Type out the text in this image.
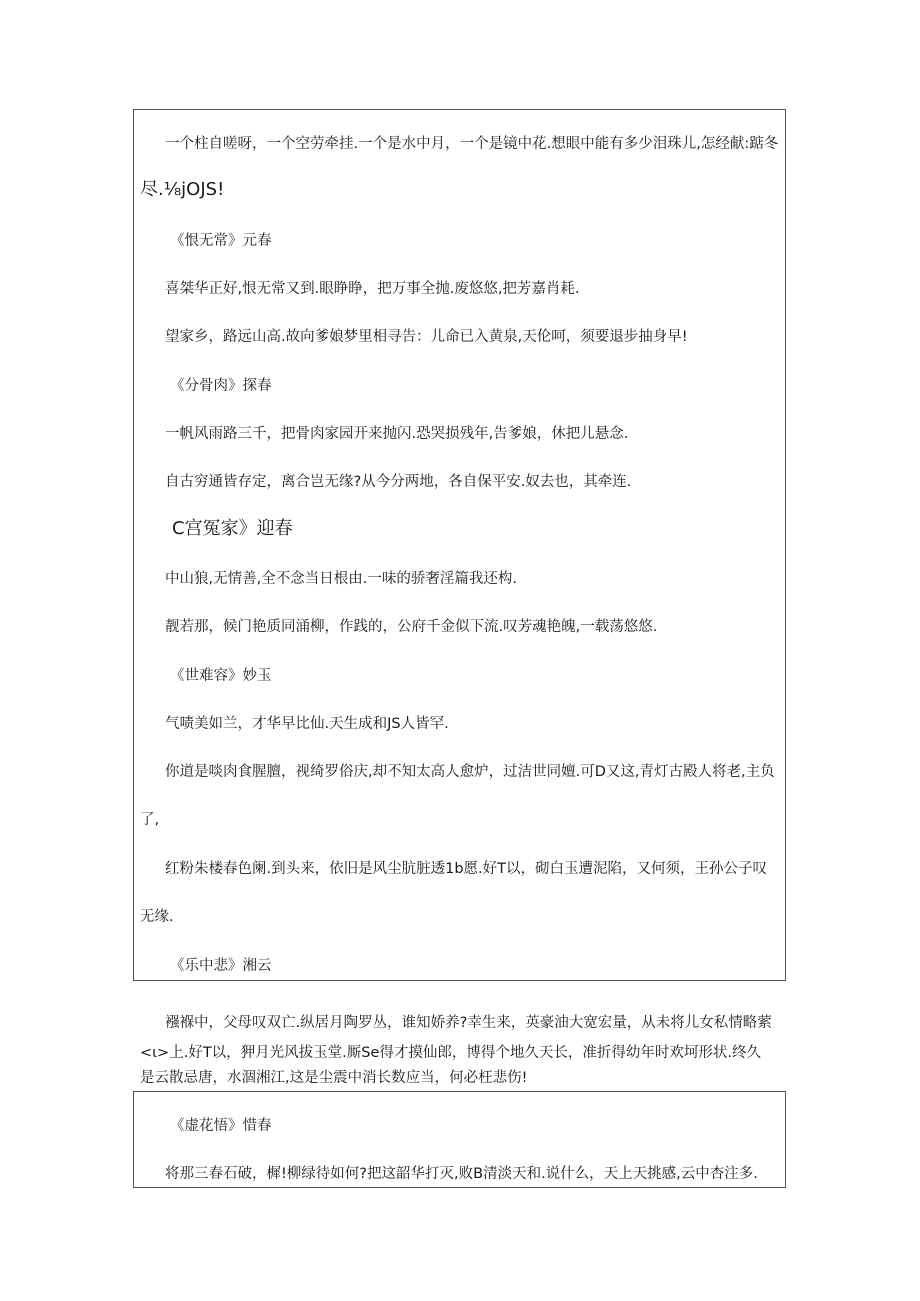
一个柱自嗟呀，一个空劳牵挂.一个是水中月，一个是镜中花.想眼中能有多少泪珠儿,怎经献:踮冬
尽.⅛jOJS!
《恨无常》元春
喜桀华正好,恨无常又到.眼睁睁，把万事全抛.废悠悠,把芳嘉肖耗.
望家乡，路远山高.故向爹娘梦里相寻告：儿命已入黄泉,天伦呵，须要退步抽身早!
《分骨肉》探春
一帆风雨路三千，把骨肉家园开来抛闪.恐哭损残年,告爹娘，休把儿悬念.
自古穷通皆存定，离合岂无缘?从今分两地，各自保平安.奴去也，其牵连.
C宫冤家》迎春
中山狼,无情善,全不念当日根由.一味的骄奢淫篇我还构.
靓若那，候门艳质同涌柳，作践的，公府千金似下流.叹芳魂艳魄,一载荡悠悠.
《世难容》妙玉
气啧美如兰，才华早比仙.天生成和JS人皆罕.
你道是啖肉食腥膻，视绮罗俗庆,却不知太高人愈炉，过洁世同嬗.可D又这,青灯古殿人将老,主负
了,
红粉朱楼春色阑.到头来，依旧是风尘肮脏透1b愿.好T以，砌白玉遭泥陷，又何须，王孙公子叹
无缘.
《乐中悲》湘云
襁褓中，父母叹双亡.纵居月陶罗丛，谁知娇养?幸生来，英豪油大宽宏量，从未将儿女私情略萦
<ι>上.好T以，狎月光风拔玉堂.厮Se得才摸仙郎，博得个地久天长，准折得幼年时欢坷形状.终久
是云散忌唐，水涸湘江,这是尘震中消长数应当，何必枉悲伤!
《虚花悟》惜春
将那三春石破，樨!柳绿待如何?把这韶华打灭,败B清淡天和.说什么，天上天挑感,云中杏注多.
